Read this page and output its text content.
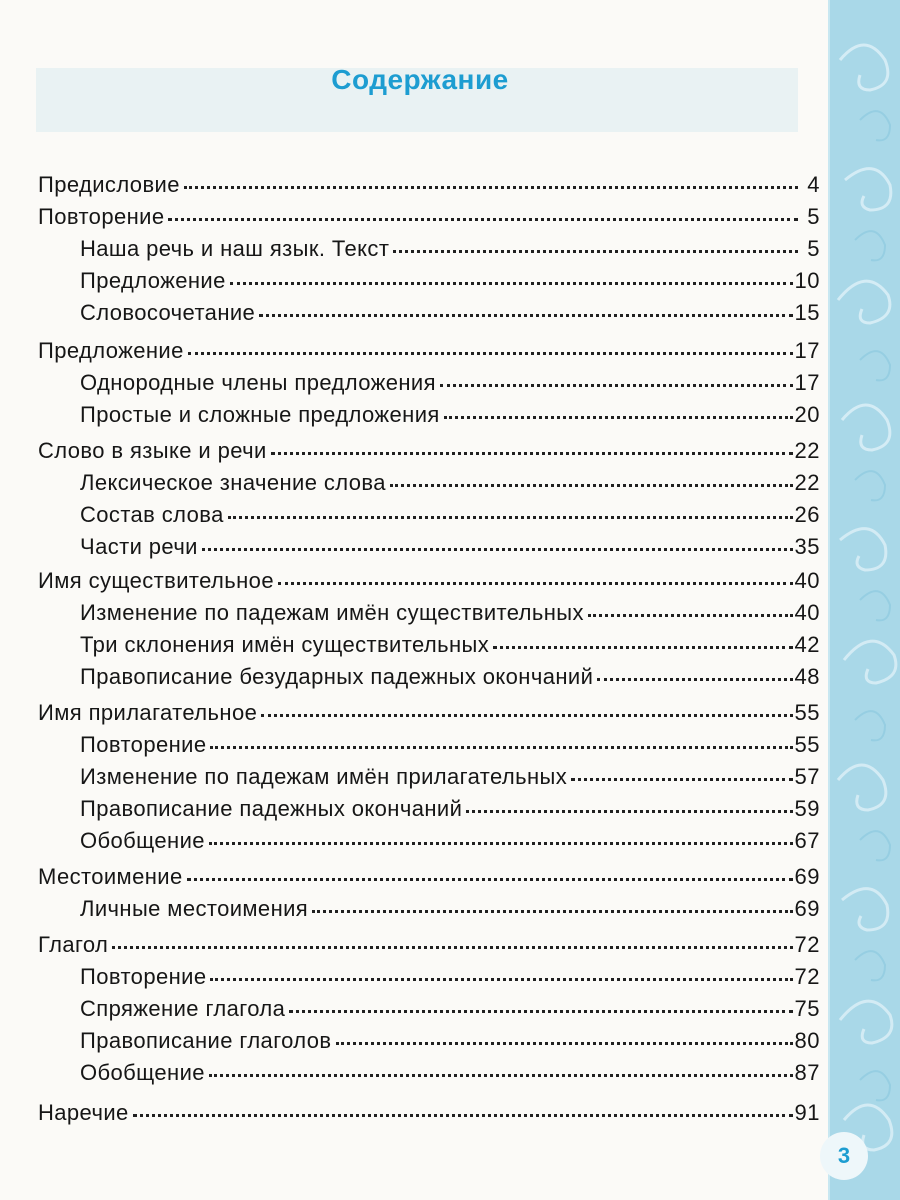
Содержание
Предисловие	4
Повторение	5
Наша речь и наш язык. Текст	5
Предложение	10
Словосочетание	15
Предложение	17
Однородные члены предложения	17
Простые и сложные предложения	20
Слово в языке и речи	22
Лексическое значение слова	22
Состав слова	26
Части речи	35
Имя существительное	40
Изменение по падежам имён существительных	40
Три склонения имён существительных	42
Правописание безударных падежных окончаний	48
Имя прилагательное	55
Повторение	55
Изменение по падежам имён прилагательных	57
Правописание падежных окончаний	59
Обобщение	67
Местоимение	69
Личные местоимения	69
Глагол	72
Повторение	72
Спряжение глагола	75
Правописание глаголов	80
Обобщение	87
Наречие	91
3
